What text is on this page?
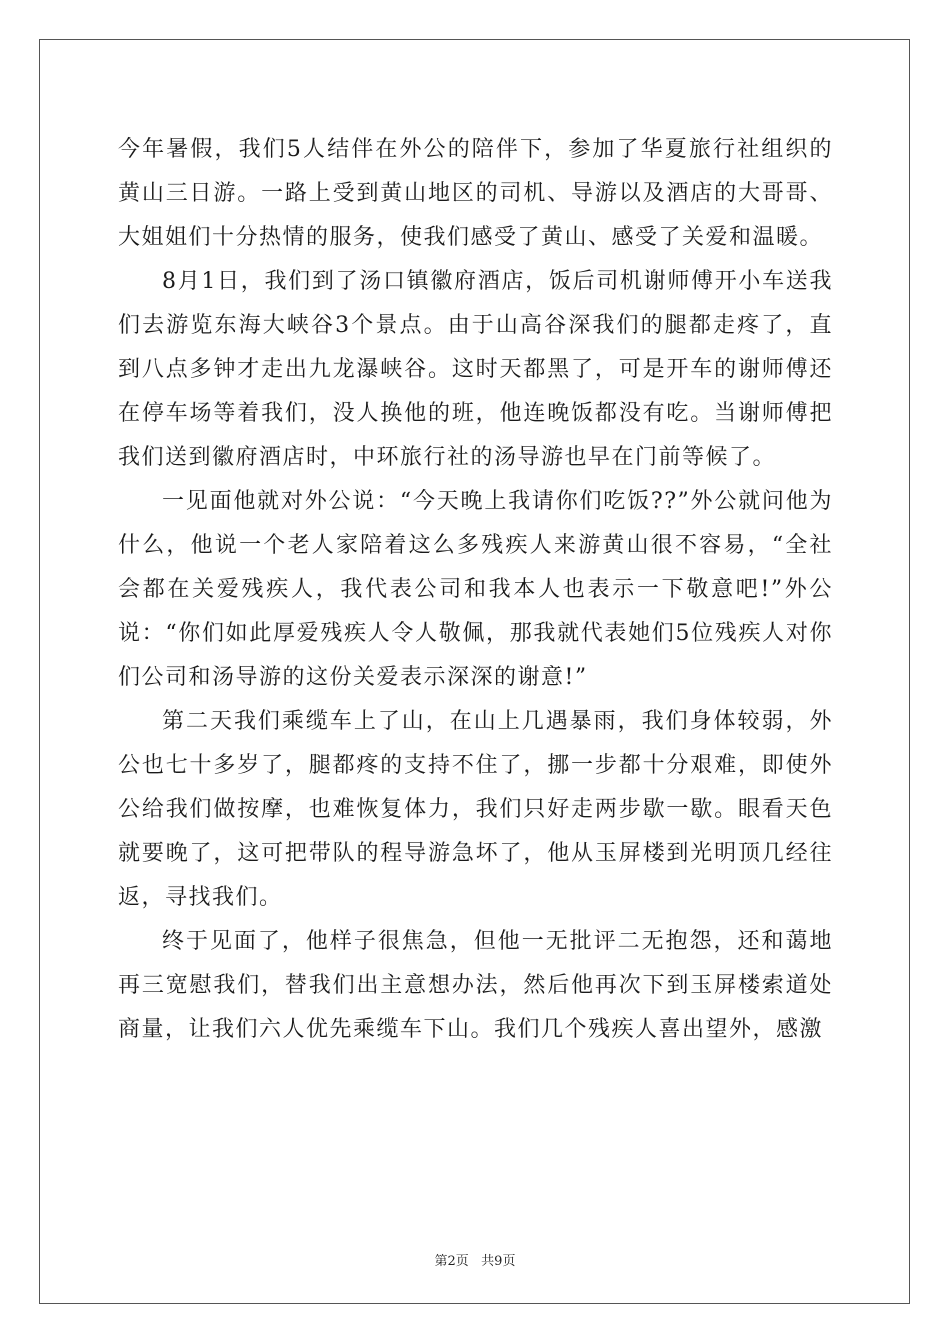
今年暑假，我们5人结伴在外公的陪伴下，参加了华夏旅行社组织的黄山三日游。一路上受到黄山地区的司机、导游以及酒店的大哥哥、大姐姐们十分热情的服务，使我们感受了黄山、感受了关爱和温暖。

8月1日，我们到了汤口镇徽府酒店，饭后司机谢师傅开小车送我们去游览东海大峡谷3个景点。由于山高谷深我们的腿都走疼了，直到八点多钟才走出九龙瀑峡谷。这时天都黑了，可是开车的谢师傅还在停车场等着我们，没人换他的班，他连晚饭都没有吃。当谢师傅把我们送到徽府酒店时，中环旅行社的汤导游也早在门前等候了。

一见面他就对外公说：“今天晚上我请你们吃饭??”外公就问他为什么，他说一个老人家陪着这么多残疾人来游黄山很不容易，“全社会都在关爱残疾人，我代表公司和我本人也表示一下敬意吧!”外公说：“你们如此厚爱残疾人令人敬佩，那我就代表她们5位残疾人对你们公司和汤导游的这份关爱表示深深的谢意!”

第二天我们乘缆车上了山，在山上几遇暴雨，我们身体较弱，外公也七十多岁了，腿都疼的支持不住了，挪一步都十分艰难，即使外公给我们做按摩，也难恢复体力，我们只好走两步歇一歇。眼看天色就要晚了，这可把带队的程导游急坏了，他从玉屏楼到光明顶几经往返，寻找我们。

终于见面了，他样子很焦急，但他一无批评二无抱怨，还和蔼地再三宽慰我们，替我们出主意想办法，然后他再次下到玉屏楼索道处商量，让我们六人优先乘缆车下山。我们几个残疾人喜出望外，感激

第2页   共9页
